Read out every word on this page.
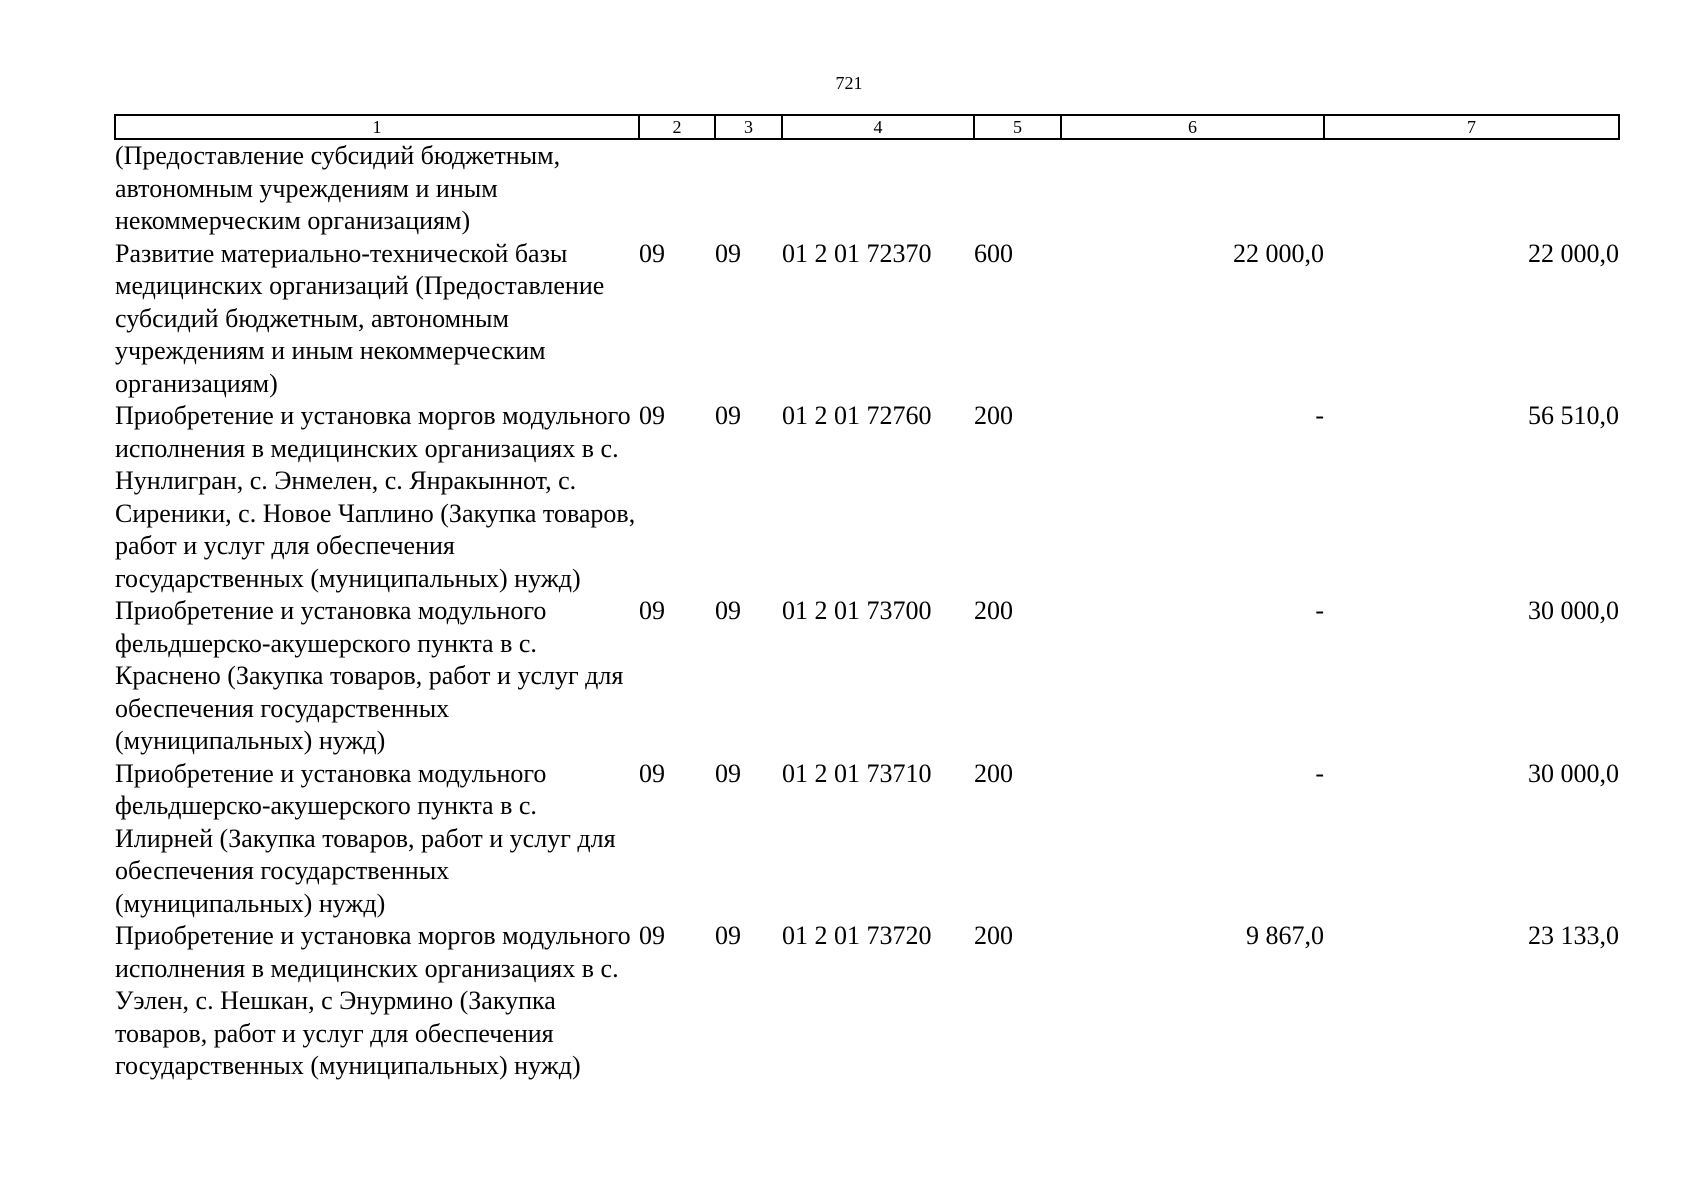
721
1	2	3	4	5	6	7
(Предоставление субсидий бюджетным, автономным учреждениям и иным некоммерческим организациям)						
Развитие материально-технической базы медицинских организаций (Предоставление субсидий бюджетным, автономным учреждениям и иным некоммерческим организациям)	09	09	01 2 01 72370	600	22 000,0	22 000,0
Приобретение и установка моргов модульного исполнения в медицинских организациях в с. Нунлигран, с. Энмелен, с. Янракыннот, с. Сиреники, с. Новое Чаплино (Закупка товаров, работ и услуг для обеспечения государственных (муниципальных) нужд)	09	09	01 2 01 72760	200	-	56 510,0
Приобретение и установка модульного фельдшерско-акушерского пункта в с. Краснено (Закупка товаров, работ и услуг для обеспечения государственных (муниципальных) нужд)	09	09	01 2 01 73700	200	-	30 000,0
Приобретение и установка модульного фельдшерско-акушерского пункта в с. Илирней (Закупка товаров, работ и услуг для обеспечения государственных (муниципальных) нужд)	09	09	01 2 01 73710	200	-	30 000,0
Приобретение и установка моргов модульного исполнения в медицинских организациях в с. Уэлен, с. Нешкан, с Энурмино (Закупка товаров, работ и услуг для обеспечения государственных (муниципальных) нужд)	09	09	01 2 01 73720	200	9 867,0	23 133,0
